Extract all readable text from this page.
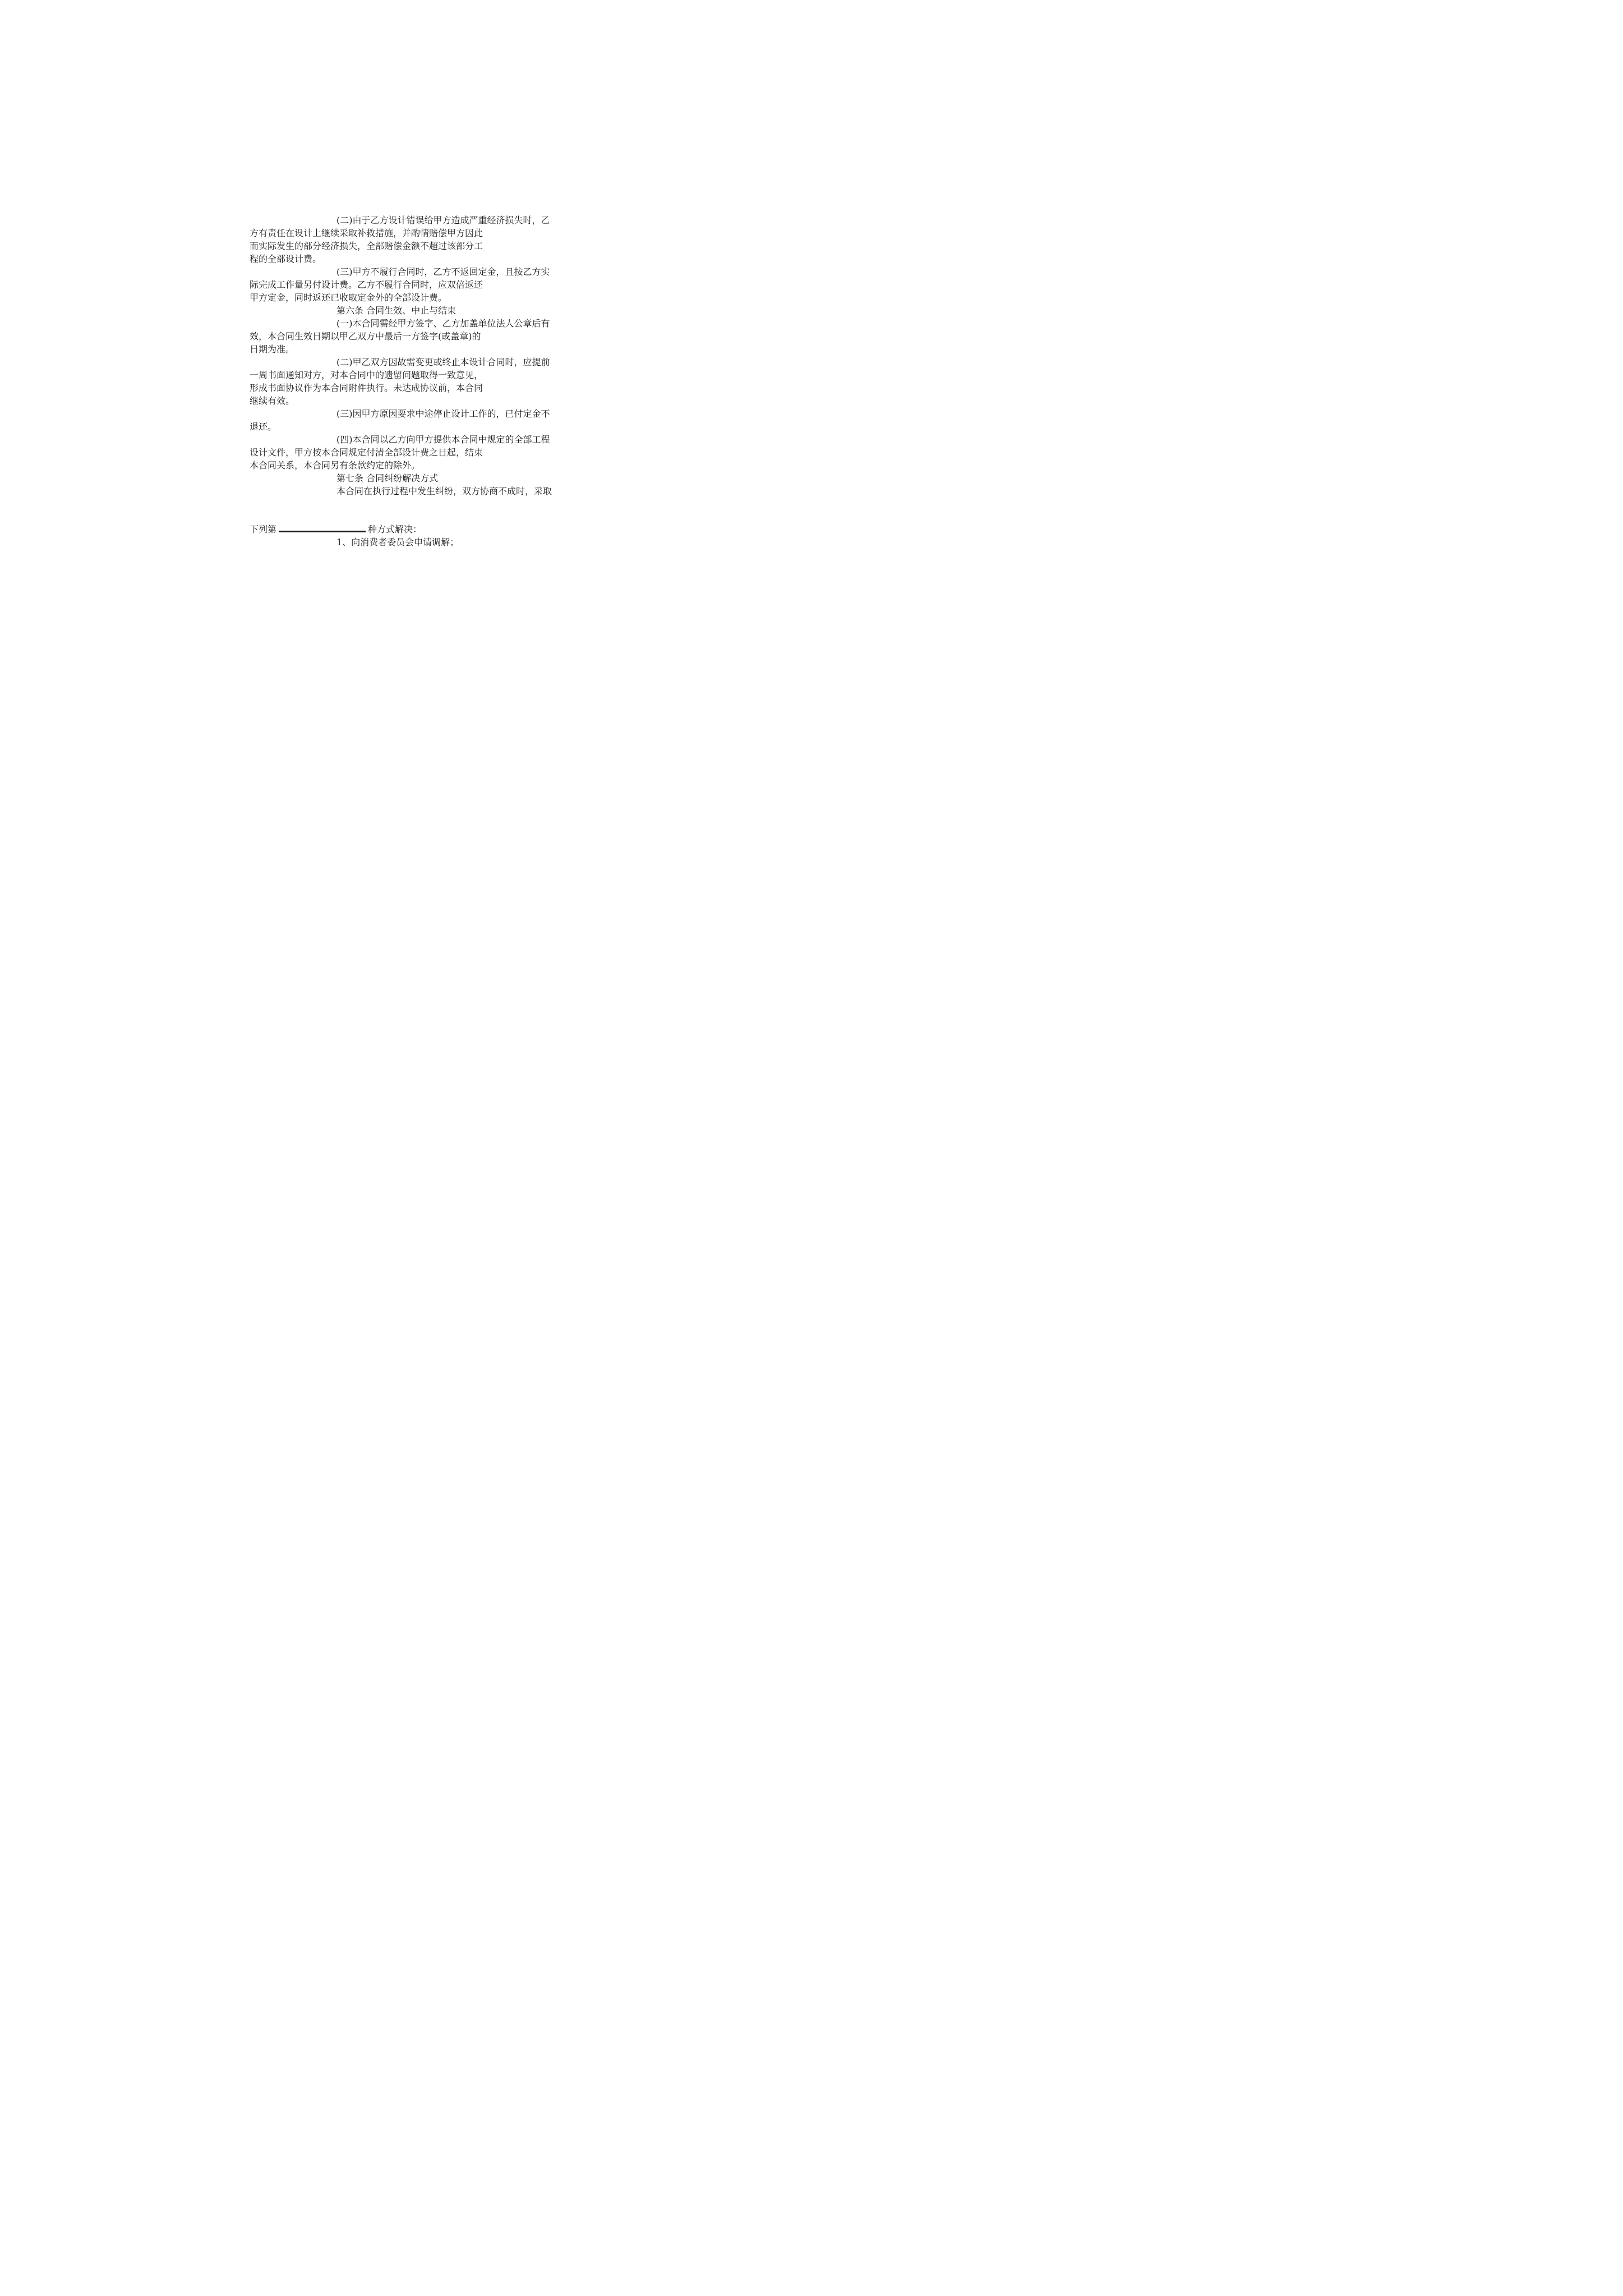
(二)由于乙方设计错误给甲方造成严重经济损失时，乙
方有责任在设计上继续采取补救措施，并酌情赔偿甲方因此
而实际发生的部分经济损失，全部赔偿金额不超过该部分工
程的全部设计费。
(三)甲方不履行合同时，乙方不返回定金，且按乙方实
际完成工作量另付设计费。乙方不履行合同时，应双倍返还
甲方定金，同时返还已收取定金外的全部设计费。
第六条 合同生效、中止与结束
(一)本合同需经甲方签字、乙方加盖单位法人公章后有
效，本合同生效日期以甲乙双方中最后一方签字(或盖章)的
日期为准。
(二)甲乙双方因故需变更或终止本设计合同时，应提前
一周书面通知对方，对本合同中的遗留问题取得一致意见，
形成书面协议作为本合同附件执行。未达成协议前，本合同
继续有效。
(三)因甲方原因要求中途停止设计工作的，已付定金不
退还。
(四)本合同以乙方向甲方提供本合同中规定的全部工程
设计文件，甲方按本合同规定付清全部设计费之日起，结束
本合同关系，本合同另有条款约定的除外。
第七条 合同纠纷解决方式
本合同在执行过程中发生纠纷，双方协商不成时，采取
下列第	种方式解决：
1、向消费者委员会申请调解；
